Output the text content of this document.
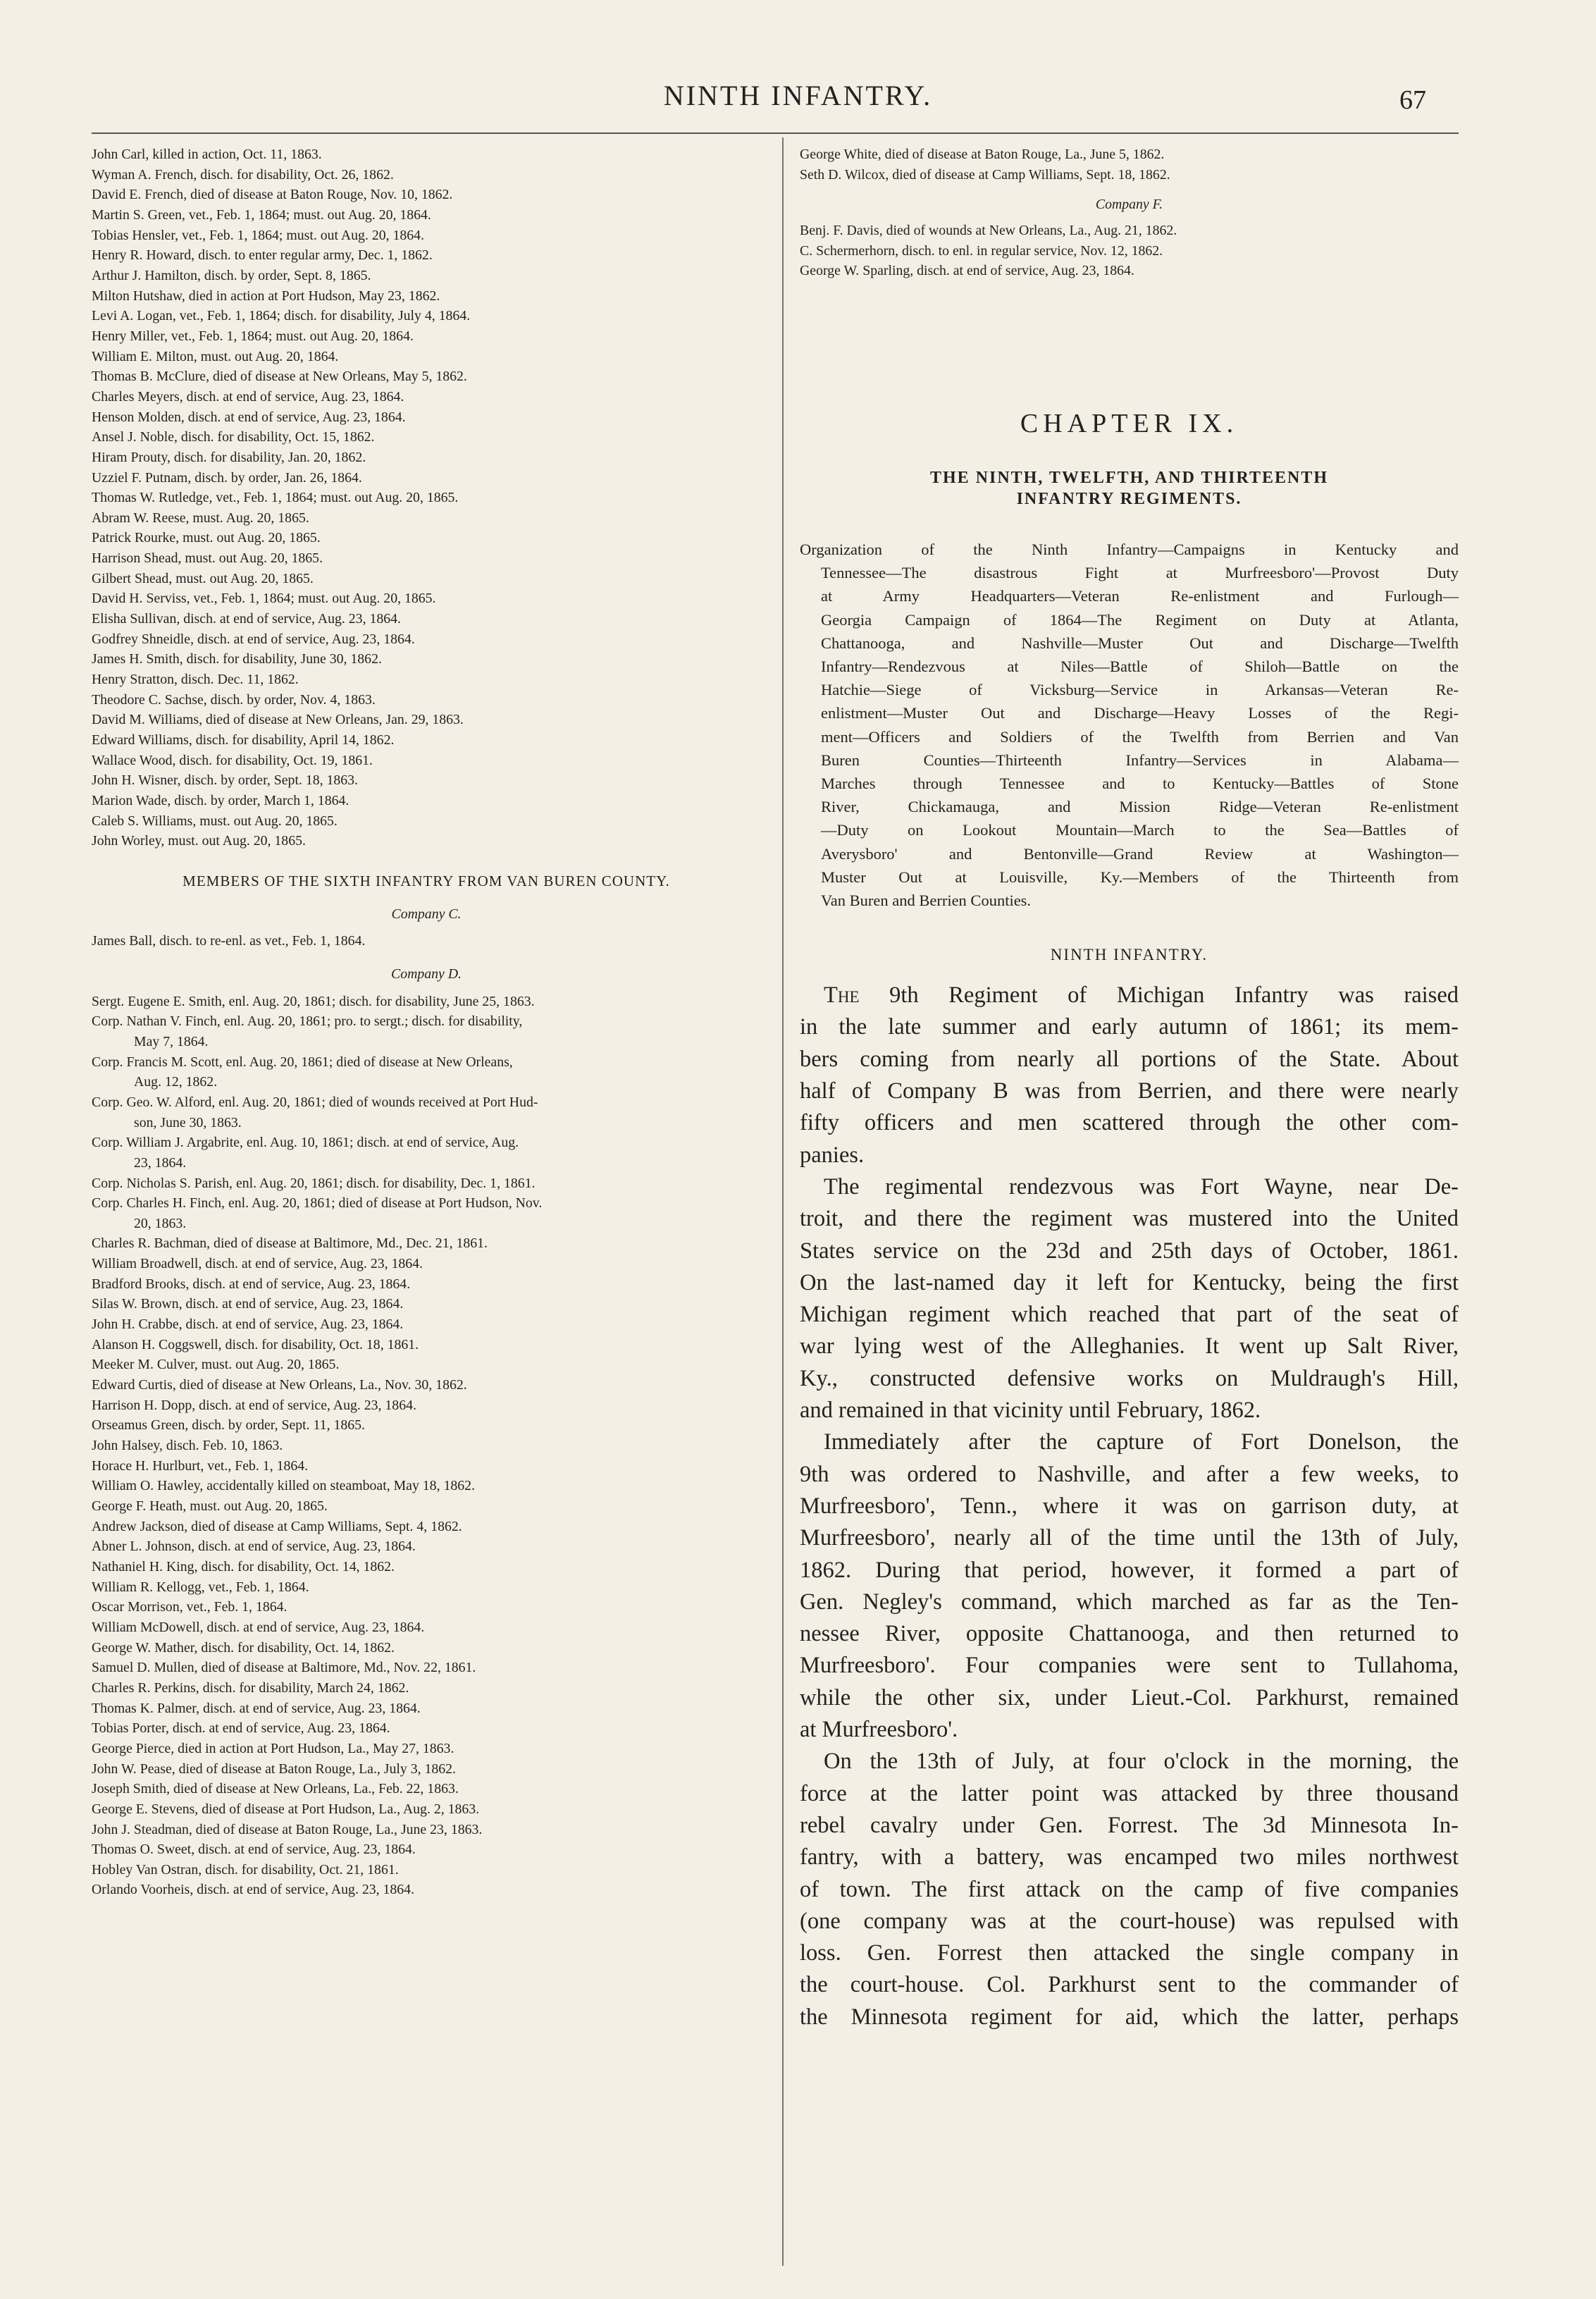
NINTH INFANTRY.	67
John Carl, killed in action, Oct. 11, 1863.
Wyman A. French, disch. for disability, Oct. 26, 1862.
David E. French, died of disease at Baton Rouge, Nov. 10, 1862.
Martin S. Green, vet., Feb. 1, 1864; must. out Aug. 20, 1864.
Tobias Hensler, vet., Feb. 1, 1864; must. out Aug. 20, 1864.
Henry R. Howard, disch. to enter regular army, Dec. 1, 1862.
Arthur J. Hamilton, disch. by order, Sept. 8, 1865.
Milton Hutshaw, died in action at Port Hudson, May 23, 1862.
Levi A. Logan, vet., Feb. 1, 1864; disch. for disability, July 4, 1864.
Henry Miller, vet., Feb. 1, 1864; must. out Aug. 20, 1864.
William E. Milton, must. out Aug. 20, 1864.
Thomas B. McClure, died of disease at New Orleans, May 5, 1862.
Charles Meyers, disch. at end of service, Aug. 23, 1864.
Henson Molden, disch. at end of service, Aug. 23, 1864.
Ansel J. Noble, disch. for disability, Oct. 15, 1862.
Hiram Prouty, disch. for disability, Jan. 20, 1862.
Uzziel F. Putnam, disch. by order, Jan. 26, 1864.
Thomas W. Rutledge, vet., Feb. 1, 1864; must. out Aug. 20, 1865.
Abram W. Reese, must. Aug. 20, 1865.
Patrick Rourke, must. out Aug. 20, 1865.
Harrison Shead, must. out Aug. 20, 1865.
Gilbert Shead, must. out Aug. 20, 1865.
David H. Serviss, vet., Feb. 1, 1864; must. out Aug. 20, 1865.
Elisha Sullivan, disch. at end of service, Aug. 23, 1864.
Godfrey Shneidle, disch. at end of service, Aug. 23, 1864.
James H. Smith, disch. for disability, June 30, 1862.
Henry Stratton, disch. Dec. 11, 1862.
Theodore C. Sachse, disch. by order, Nov. 4, 1863.
David M. Williams, died of disease at New Orleans, Jan. 29, 1863.
Edward Williams, disch. for disability, April 14, 1862.
Wallace Wood, disch. for disability, Oct. 19, 1861.
John H. Wisner, disch. by order, Sept. 18, 1863.
Marion Wade, disch. by order, March 1, 1864.
Caleb S. Williams, must. out Aug. 20, 1865.
John Worley, must. out Aug. 20, 1865.
MEMBERS OF THE SIXTH INFANTRY FROM VAN BUREN COUNTY.
Company C.
James Ball, disch. to re-enl. as vet., Feb. 1, 1864.
Company D.
Sergt. Eugene E. Smith, enl. Aug. 20, 1861; disch. for disability, June 25, 1863.
Corp. Nathan V. Finch, enl. Aug. 20, 1861; pro. to sergt.; disch. for disability,
May 7, 1864.
Corp. Francis M. Scott, enl. Aug. 20, 1861; died of disease at New Orleans,
Aug. 12, 1862.
Corp. Geo. W. Alford, enl. Aug. 20, 1861; died of wounds received at Port Hud-
son, June 30, 1863.
Corp. William J. Argabrite, enl. Aug. 10, 1861; disch. at end of service, Aug.
23, 1864.
Corp. Nicholas S. Parish, enl. Aug. 20, 1861; disch. for disability, Dec. 1, 1861.
Corp. Charles H. Finch, enl. Aug. 20, 1861; died of disease at Port Hudson, Nov.
20, 1863.
Charles R. Bachman, died of disease at Baltimore, Md., Dec. 21, 1861.
William Broadwell, disch. at end of service, Aug. 23, 1864.
Bradford Brooks, disch. at end of service, Aug. 23, 1864.
Silas W. Brown, disch. at end of service, Aug. 23, 1864.
John H. Crabbe, disch. at end of service, Aug. 23, 1864.
Alanson H. Coggswell, disch. for disability, Oct. 18, 1861.
Meeker M. Culver, must. out Aug. 20, 1865.
Edward Curtis, died of disease at New Orleans, La., Nov. 30, 1862.
Harrison H. Dopp, disch. at end of service, Aug. 23, 1864.
Orseamus Green, disch. by order, Sept. 11, 1865.
John Halsey, disch. Feb. 10, 1863.
Horace H. Hurlburt, vet., Feb. 1, 1864.
William O. Hawley, accidentally killed on steamboat, May 18, 1862.
George F. Heath, must. out Aug. 20, 1865.
Andrew Jackson, died of disease at Camp Williams, Sept. 4, 1862.
Abner L. Johnson, disch. at end of service, Aug. 23, 1864.
Nathaniel H. King, disch. for disability, Oct. 14, 1862.
William R. Kellogg, vet., Feb. 1, 1864.
Oscar Morrison, vet., Feb. 1, 1864.
William McDowell, disch. at end of service, Aug. 23, 1864.
George W. Mather, disch. for disability, Oct. 14, 1862.
Samuel D. Mullen, died of disease at Baltimore, Md., Nov. 22, 1861.
Charles R. Perkins, disch. for disability, March 24, 1862.
Thomas K. Palmer, disch. at end of service, Aug. 23, 1864.
Tobias Porter, disch. at end of service, Aug. 23, 1864.
George Pierce, died in action at Port Hudson, La., May 27, 1863.
John W. Pease, died of disease at Baton Rouge, La., July 3, 1862.
Joseph Smith, died of disease at New Orleans, La., Feb. 22, 1863.
George E. Stevens, died of disease at Port Hudson, La., Aug. 2, 1863.
John J. Steadman, died of disease at Baton Rouge, La., June 23, 1863.
Thomas O. Sweet, disch. at end of service, Aug. 23, 1864.
Hobley Van Ostran, disch. for disability, Oct. 21, 1861.
Orlando Voorheis, disch. at end of service, Aug. 23, 1864.
George White, died of disease at Baton Rouge, La., June 5, 1862.
Seth D. Wilcox, died of disease at Camp Williams, Sept. 18, 1862.
Company F.
Benj. F. Davis, died of wounds at New Orleans, La., Aug. 21, 1862.
C. Schermerhorn, disch. to enl. in regular service, Nov. 12, 1862.
George W. Sparling, disch. at end of service, Aug. 23, 1864.
CHAPTER IX.
THE NINTH, TWELFTH, AND THIRTEENTH
INFANTRY REGIMENTS.
Organization of the Ninth Infantry—Campaigns in Kentucky and
Tennessee—The disastrous Fight at Murfreesboro'—Provost Duty
at Army Headquarters—Veteran Re-enlistment and Furlough—
Georgia Campaign of 1864—The Regiment on Duty at Atlanta,
Chattanooga, and Nashville—Muster Out and Discharge—Twelfth
Infantry—Rendezvous at Niles—Battle of Shiloh—Battle on the
Hatchie—Siege of Vicksburg—Service in Arkansas—Veteran Re-
enlistment—Muster Out and Discharge—Heavy Losses of the Regi-
ment—Officers and Soldiers of the Twelfth from Berrien and Van
Buren Counties—Thirteenth Infantry—Services in Alabama—
Marches through Tennessee and to Kentucky—Battles of Stone
River, Chickamauga, and Mission Ridge—Veteran Re-enlistment
—Duty on Lookout Mountain—March to the Sea—Battles of
Averysboro' and Bentonville—Grand Review at Washington—
Muster Out at Louisville, Ky.—Members of the Thirteenth from
Van Buren and Berrien Counties.
NINTH INFANTRY.
The 9th Regiment of Michigan Infantry was raised
in the late summer and early autumn of 1861; its mem-
bers coming from nearly all portions of the State. About
half of Company B was from Berrien, and there were nearly
fifty officers and men scattered through the other com-
panies.
The regimental rendezvous was Fort Wayne, near De-
troit, and there the regiment was mustered into the United
States service on the 23d and 25th days of October, 1861.
On the last-named day it left for Kentucky, being the first
Michigan regiment which reached that part of the seat of
war lying west of the Alleghanies. It went up Salt River,
Ky., constructed defensive works on Muldraugh's Hill,
and remained in that vicinity until February, 1862.
Immediately after the capture of Fort Donelson, the
9th was ordered to Nashville, and after a few weeks, to
Murfreesboro', Tenn., where it was on garrison duty, at
Murfreesboro', nearly all of the time until the 13th of July,
1862. During that period, however, it formed a part of
Gen. Negley's command, which marched as far as the Ten-
nessee River, opposite Chattanooga, and then returned to
Murfreesboro'. Four companies were sent to Tullahoma,
while the other six, under Lieut.-Col. Parkhurst, remained
at Murfreesboro'.
On the 13th of July, at four o'clock in the morning, the
force at the latter point was attacked by three thousand
rebel cavalry under Gen. Forrest. The 3d Minnesota In-
fantry, with a battery, was encamped two miles northwest
of town. The first attack on the camp of five companies
(one company was at the court-house) was repulsed with
loss. Gen. Forrest then attacked the single company in
the court-house. Col. Parkhurst sent to the commander of
the Minnesota regiment for aid, which the latter, perhaps
